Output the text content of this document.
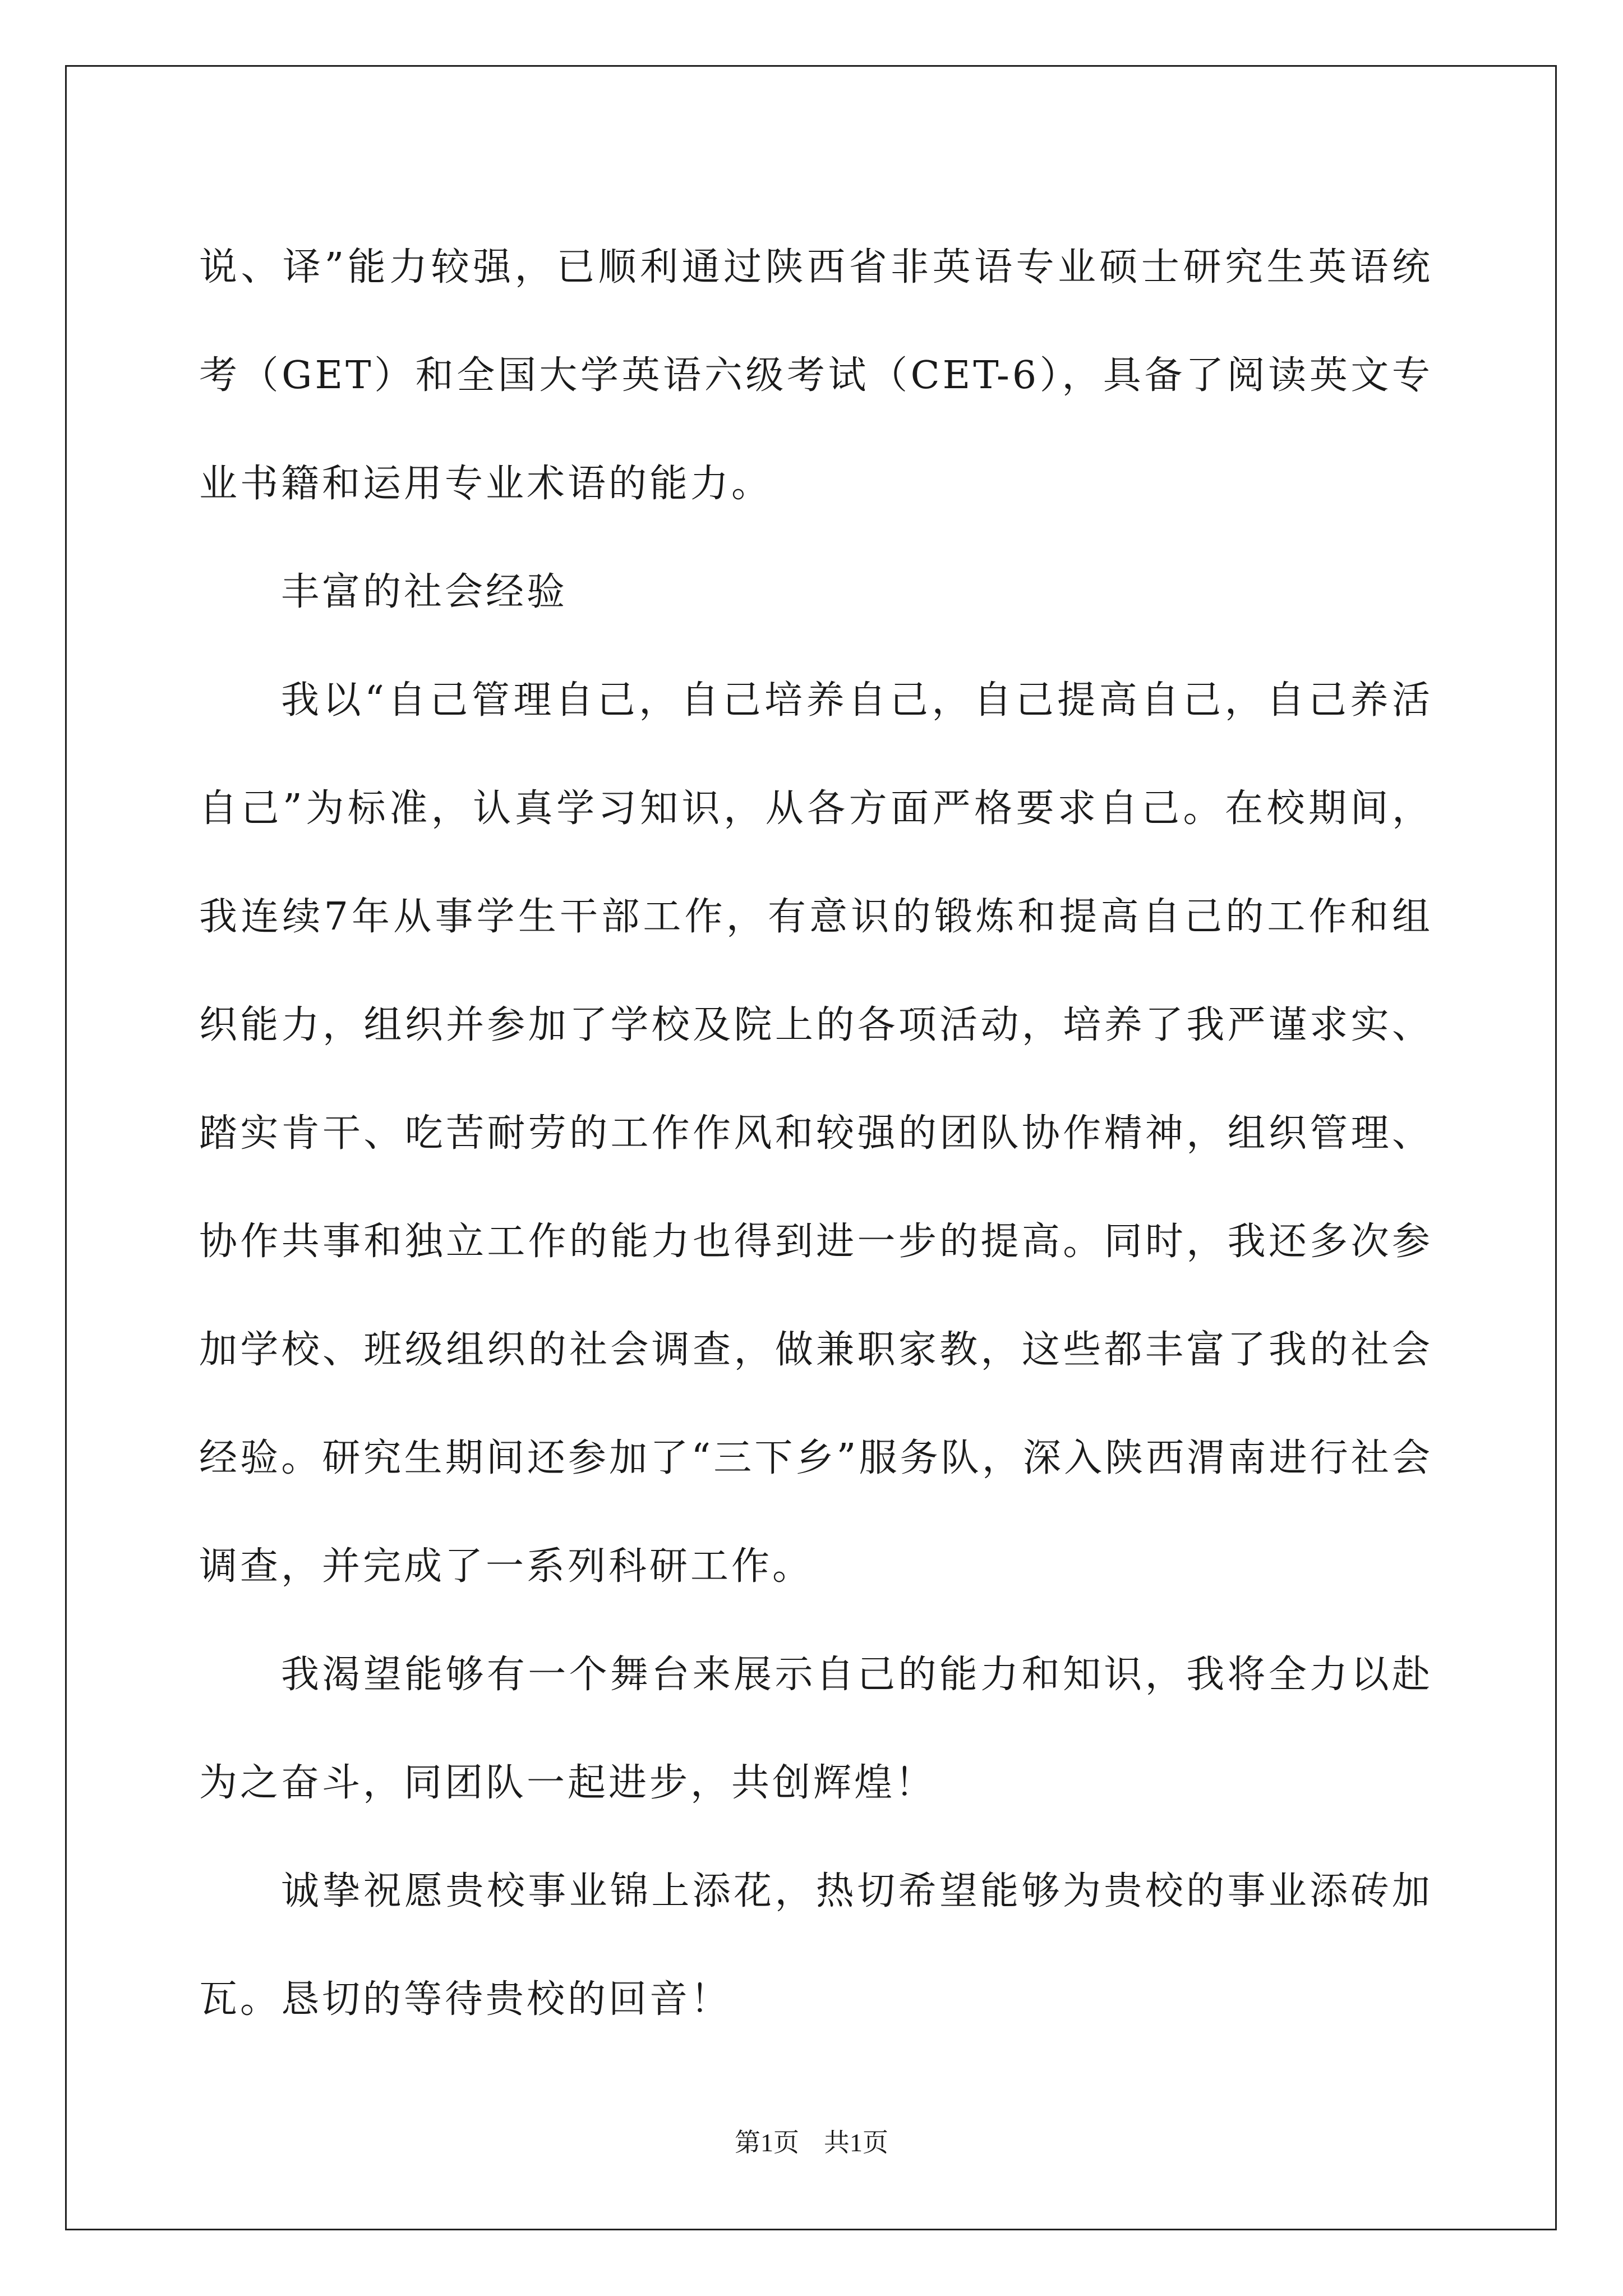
说、译”能力较强，已顺利通过陕西省非英语专业硕士研究生英语统考（GET）和全国大学英语六级考试（CET-6），具备了阅读英文专业书籍和运用专业术语的能力。

丰富的社会经验

我以“自己管理自己，自己培养自己，自己提高自己，自己养活自己”为标准，认真学习知识，从各方面严格要求自己。在校期间，我连续7年从事学生干部工作，有意识的锻炼和提高自己的工作和组织能力，组织并参加了学校及院上的各项活动，培养了我严谨求实、踏实肯干、吃苦耐劳的工作作风和较强的团队协作精神，组织管理、协作共事和独立工作的能力也得到进一步的提高。同时，我还多次参加学校、班级组织的社会调查，做兼职家教，这些都丰富了我的社会经验。研究生期间还参加了“三下乡”服务队，深入陕西渭南进行社会调查，并完成了一系列科研工作。

我渴望能够有一个舞台来展示自己的能力和知识，我将全力以赴为之奋斗，同团队一起进步，共创辉煌！

诚挚祝愿贵校事业锦上添花，热切希望能够为贵校的事业添砖加瓦。恳切的等待贵校的回音！

第1页 共1页
